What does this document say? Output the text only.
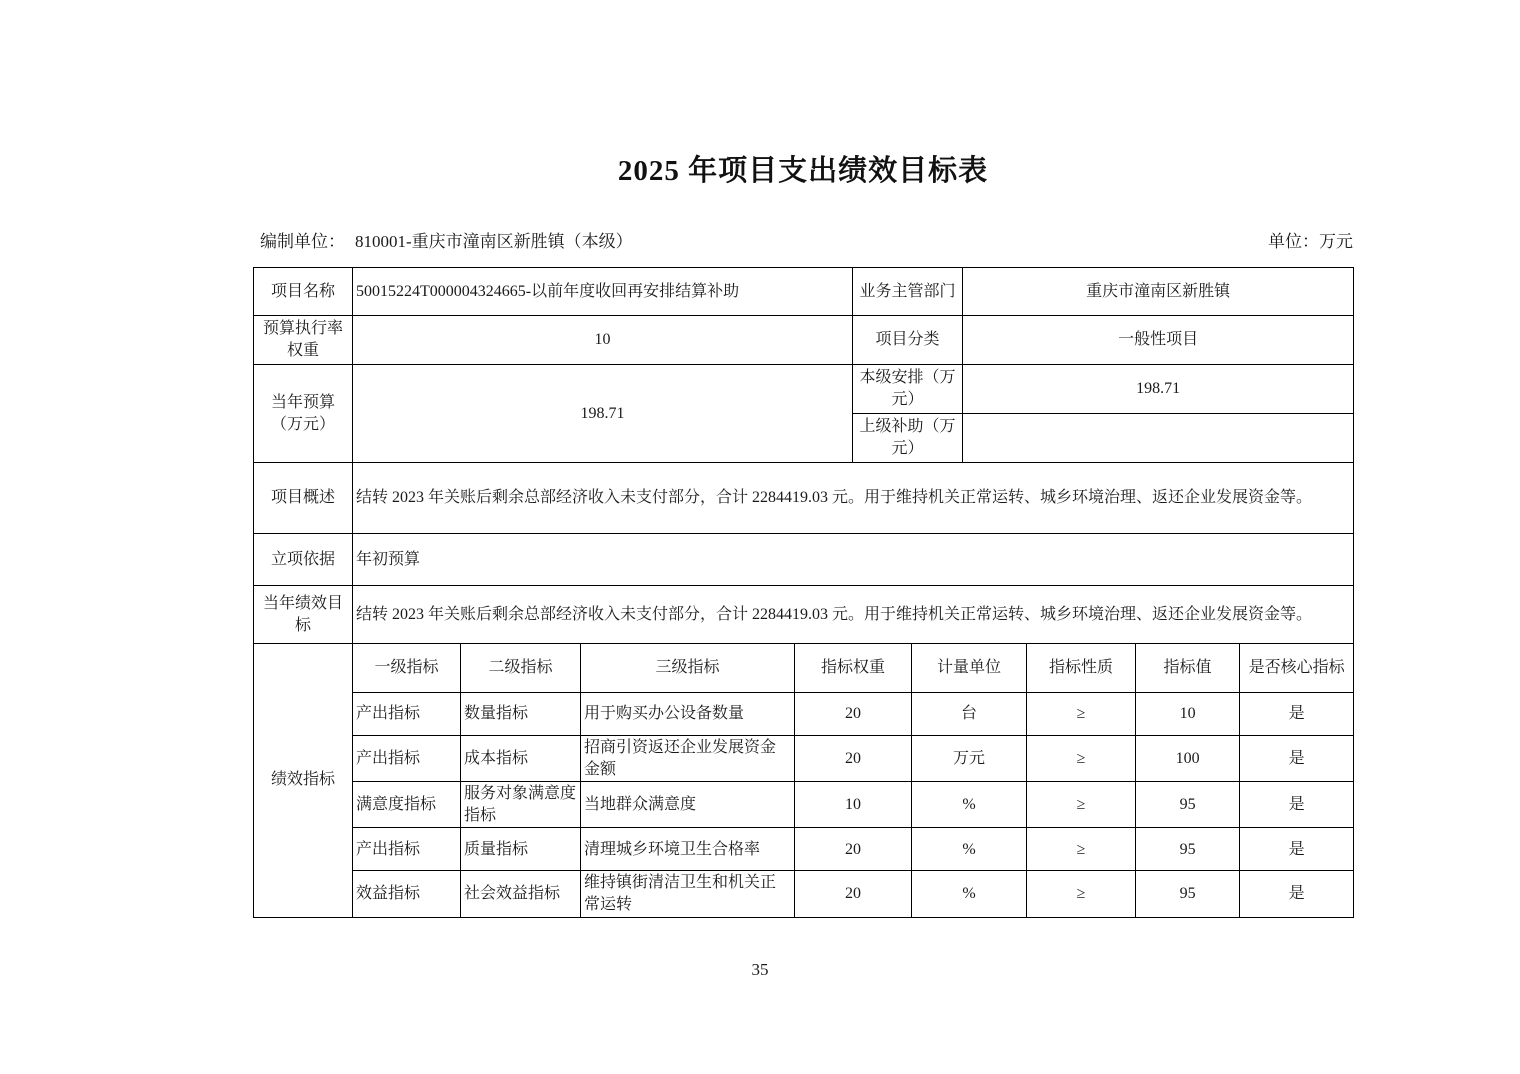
2025 年项目支出绩效目标表
编制单位： 810001-重庆市潼南区新胜镇（本级）	单位：万元
项目名称	50015224T000004324665-以前年度收回再安排结算补助				业务主管部门		重庆市潼南区新胜镇			
预算执行率权重	10				项目分类		一般性项目			
当年预算（万元）	198.71				本级安排（万元）		198.71			
					上级补助（万元）					
项目概述	结转 2023 年关账后剩余总部经济收入未支付部分，合计 2284419.03 元。用于维持机关正常运转、城乡环境治理、返还企业发展资金等。									
立项依据	年初预算									
当年绩效目标	结转 2023 年关账后剩余总部经济收入未支付部分，合计 2284419.03 元。用于维持机关正常运转、城乡环境治理、返还企业发展资金等。									
绩效指标	一级指标	二级指标	三级指标	指标权重		计量单位		指标性质	指标值	是否核心指标
	产出指标	数量指标	用于购买办公设备数量	20		台		≥	10	是
	产出指标	成本指标	招商引资返还企业发展资金金额	20		万元		≥	100	是
	满意度指标	服务对象满意度指标	当地群众满意度	10		%		≥	95	是
	产出指标	质量指标	清理城乡环境卫生合格率	20		%		≥	95	是
	效益指标	社会效益指标	维持镇街清洁卫生和机关正常运转	20		%		≥	95	是
35
